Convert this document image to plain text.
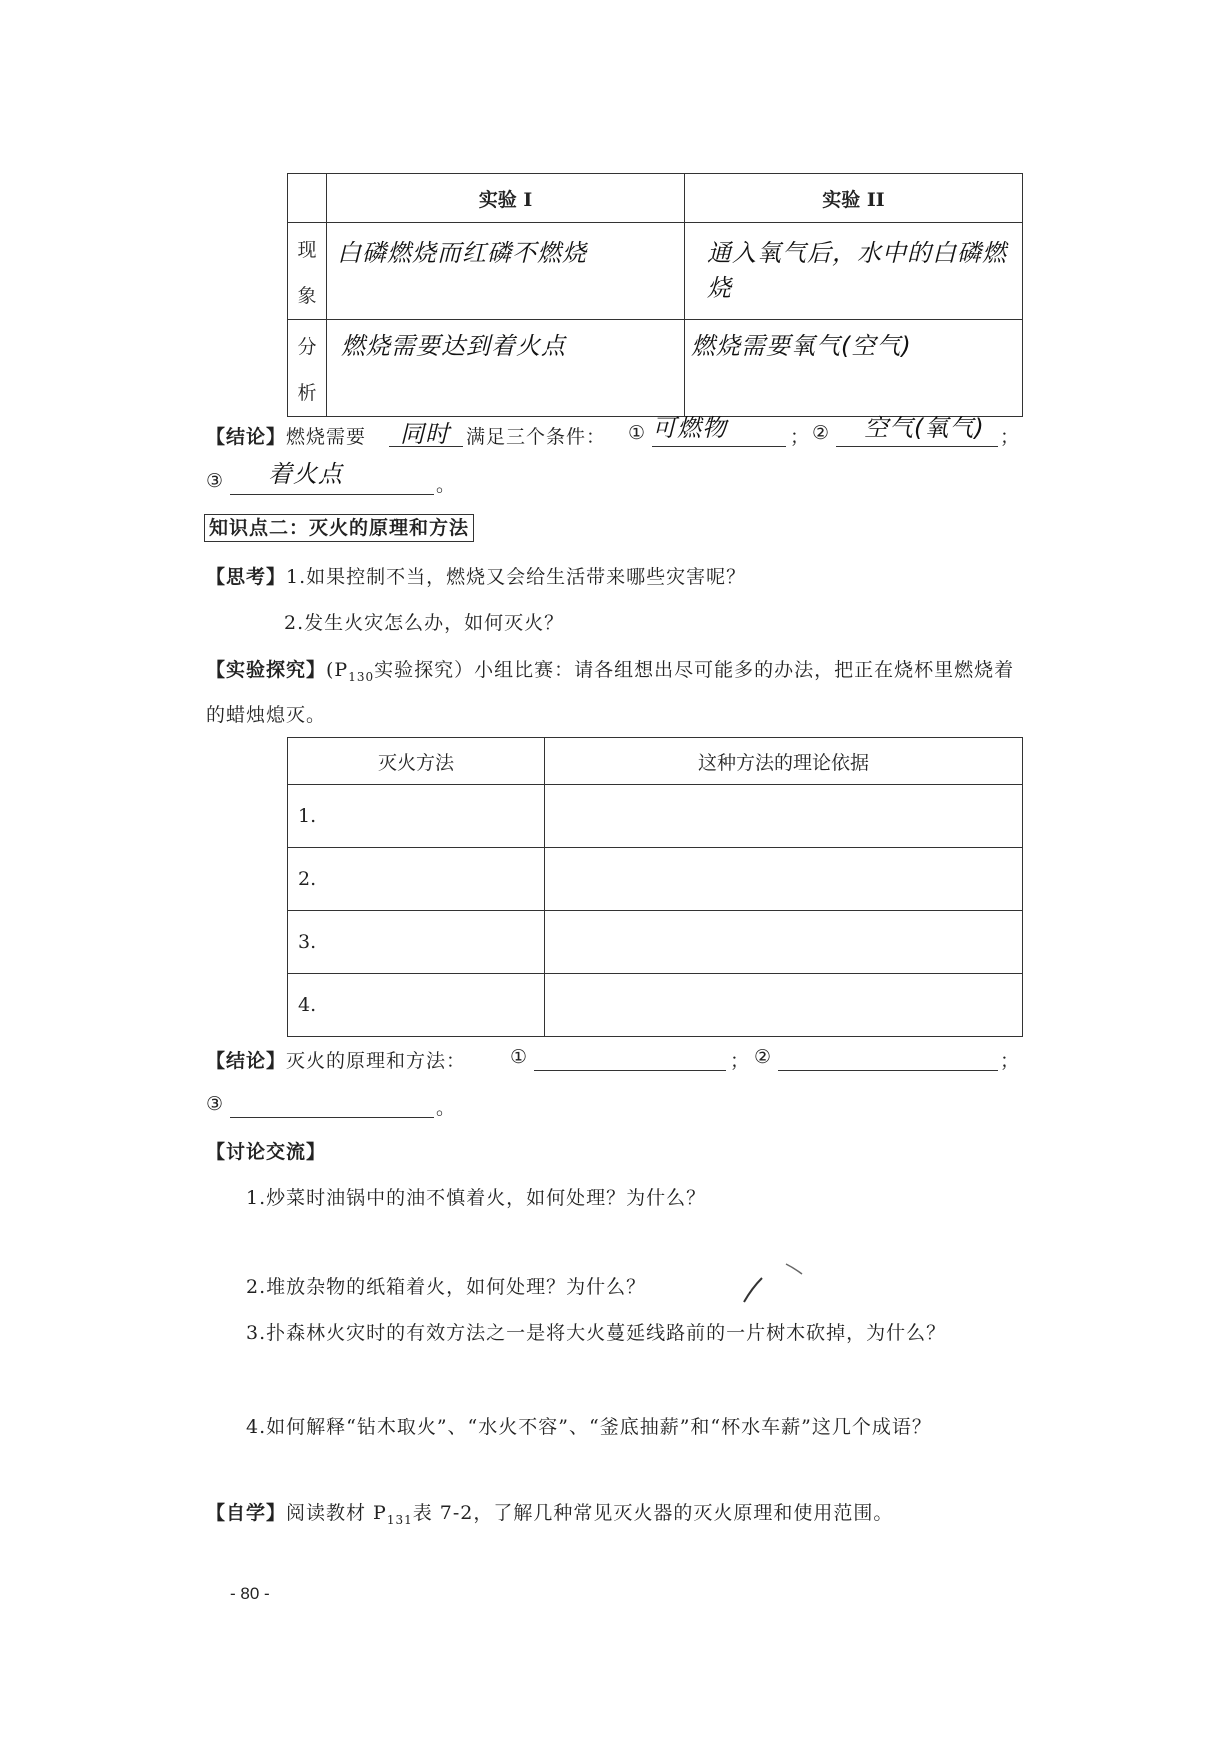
	实验 I	实验 II

现
象	白磷燃烧而红磷不燃烧	通入氧气后，水中的白磷燃烧

分
析	燃烧需要达到着火点	燃烧需要氧气(空气)
【结论】燃烧需要 同时 满足三个条件： ① 可燃物	； ② 空气(氧气) ；
③ 着火点	。
知识点二：灭火的原理和方法
【思考】1.如果控制不当，燃烧又会给生活带来哪些灾害呢？
2.发生火灾怎么办，如何灭火？
【实验探究】($P_{130}$实验探究）小组比赛：请各组想出尽可能多的办法，把正在烧杯里燃烧着
的蜡烛熄灭。
灭火方法	这种方法的理论依据
1.	
2.	
3.	
4.	
【结论】灭火的原理和方法： ①	； ②	；
③	。
【讨论交流】
1.炒菜时油锅中的油不慎着火，如何处理？为什么？
2.堆放杂物的纸箱着火，如何处理？为什么？
3.扑森林火灾时的有效方法之一是将大火蔓延线路前的一片树木砍掉，为什么？
4.如何解释“钻木取火”、“水火不容”、“釜底抽薪”和“杯水车薪”这几个成语？
【自学】阅读教材 $P_{131}$表 7-2，了解几种常见灭火器的灭火原理和使用范围。
- 80 -
